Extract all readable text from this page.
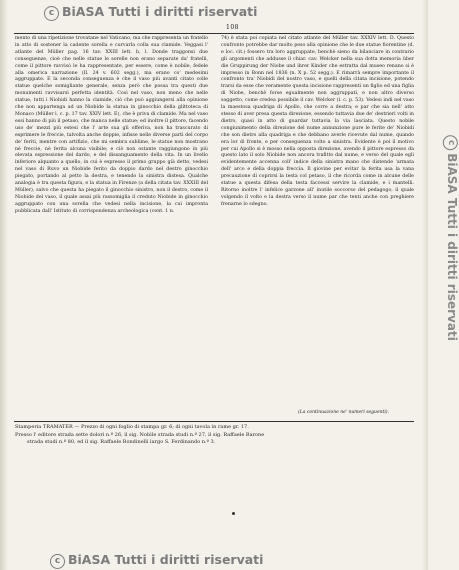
c BiASA Tutti i diritti riservati
108

mento di una ripetizione trovatane nel Vaticano, ma che rappresenta un fratello in atto di sostener la cadente sorella e curvarla colla sua clamide. Veggasi l' atlante del Müller pag. 16 tav. XXIII lett. b, l. Donde traggonsi due conseguenze, cioè che nelle statue le sorelle non erano separate da' fratelli, come il pittore ravvisò le ha rappresentate, per essere, come è nobile, fedele alla omerica narrazione (Il. 24 v. 602 segg.), ma erano co' medesimi aggruppate. E la seconda conseguenza è che il vaso più avanti citato colle statue quelche somigliante generale, senza però che possa tra questi due monumenti ravvisarsi perfetta identità. Così nel vaso, non meno che nelle statue, tutti i Niobidi hanno la clamide, ciò che può aggiungersi alla opinione che non appartenga ad un Niobide la statua in ginocchio della glittoteca di Monaco (Müller l. c. p. 17 tav. XXIV lett. E), che è priva di clamide. Ma nel vaso essi hanno di più il petaso, che manca nelle statue; ed inoltre il pittore, facendo uso de' mezzi più estesi che l' arte sua gli offeriva, non ha trascurato di esprimere le freccie, talvolta anche doppie, infisse nelle diverse parti del corpo de' feriti, mentre con artifizio, che mi sembra sublime, le statue non mostrano nè freccie, nè ferita alcuna visibile; e ciò non ostante raggiungono in più elevata espressione del dardo, e del dissanguamento della vita. In un livello inferiore alquanto a quello, in cui è espresso il primo gruppo già detto, vedesi nel vaso di Ruvo un Niobide ferito da doppio dardo nel destro ginocchio piegato, portando al petto la destra, e tenendo la sinistra distesa. Qualche analogia è tra questa figura, e la statua in Firenze (a della citata tav. XXXIII del Müller), salvo che questa ha piegato il ginocchio sinistro, non il destro, come il Niobide del vaso, il quale assai più rassomiglia il creduto Niobide in ginocchio aggruppato con una sorella che vedesi nella incisione, la cui impronta pubblicata dall' Istituto di corrispondenza archeologica (cent. 1 n.

74) è stata poi copiata nel citato atlante del Müller tav. XXXIV lett. D. Questo confronto potrebbe dar molto peso alla opinione che le due statue fiorentine (d, e loc. cit.) fossero tra loro aggruppate, benchè sieno da bilanciare in contrario gli argomenti che addusse il chiar. cav. Welcker nella sua dotta memoria über die Gruppirung der Niobe und ihrer Kinder che estratta dal museo renano si è impresso in Bonn nel 1836 (n. X p. 52 segg.). E rimarrà sempre importante il confronto tra' Niobidi del nostro vaso, e quelli della citata incisione, potendo trarsi da esse che veramente questa incisione rappresenti un figlio ed una figlia di Niobe, benchè forse egualmente non aggruppati, e non altro diverso soggetto, come credea possibile il cav. Welcker (l. c. p. 53). Vedesi indi nel vaso la maestosa quadriga di Apollo, che corre a destra; e par che sia nell' atto stesso di aver presa questa direzione, essendo tuttavia due de' destrieri volti in dietro, quasi in atto di guardar tuttavia la via lasciata. Questo nobile congiunimento della direzione del nume annunzione pure le ferite de' Niobidi che son dietro alla quadriga e che debbano averle ricevute dal nume, quando era lor di fronte, e per conseguenza volto a sinistra. Evidente è poi il motivo per cui Apollo si è mosso nella opposta direzione, avendo il pittore espresso da questo lato il solo Niobide non ancora trafitto dal nume, e verso del quale egli evidentemente accenna coll' indice della sinistra mano che distende 'armata dell' arco e della doppia freccia. Il giovine per evitar la ferita usa la vana precauzione di coprirsi la testa col petaso, il che ricorda come in alcune delle statue a questa difesa della testa faccessi servire la clamide, e i mantelli. Ritorno inoltre l' infelice garzone all' inutile soccorso del pedagogo, il quale volgendo il volto e la destra verso il nume par che tenti anche con preghiere frenarne lo sdegno.

(La continuazione ne' numeri seguenti).

Stamperia TRAMATER — Prezzo di ogni foglio di stampa gr. 6; di ogni tavola in rame gr. 17.

Presso l' editore strada sette dolori n.º 26, il sig. Nobile strada studi n.º 27, il sig. Raffaele Barone

strada studi n.º 80, ed il sig. Raffaele Bondinelli largo S. Ferdinando n.º 3.

cBiASA Tutti i diritti riservati
c BiASA Tutti i diritti riservati
